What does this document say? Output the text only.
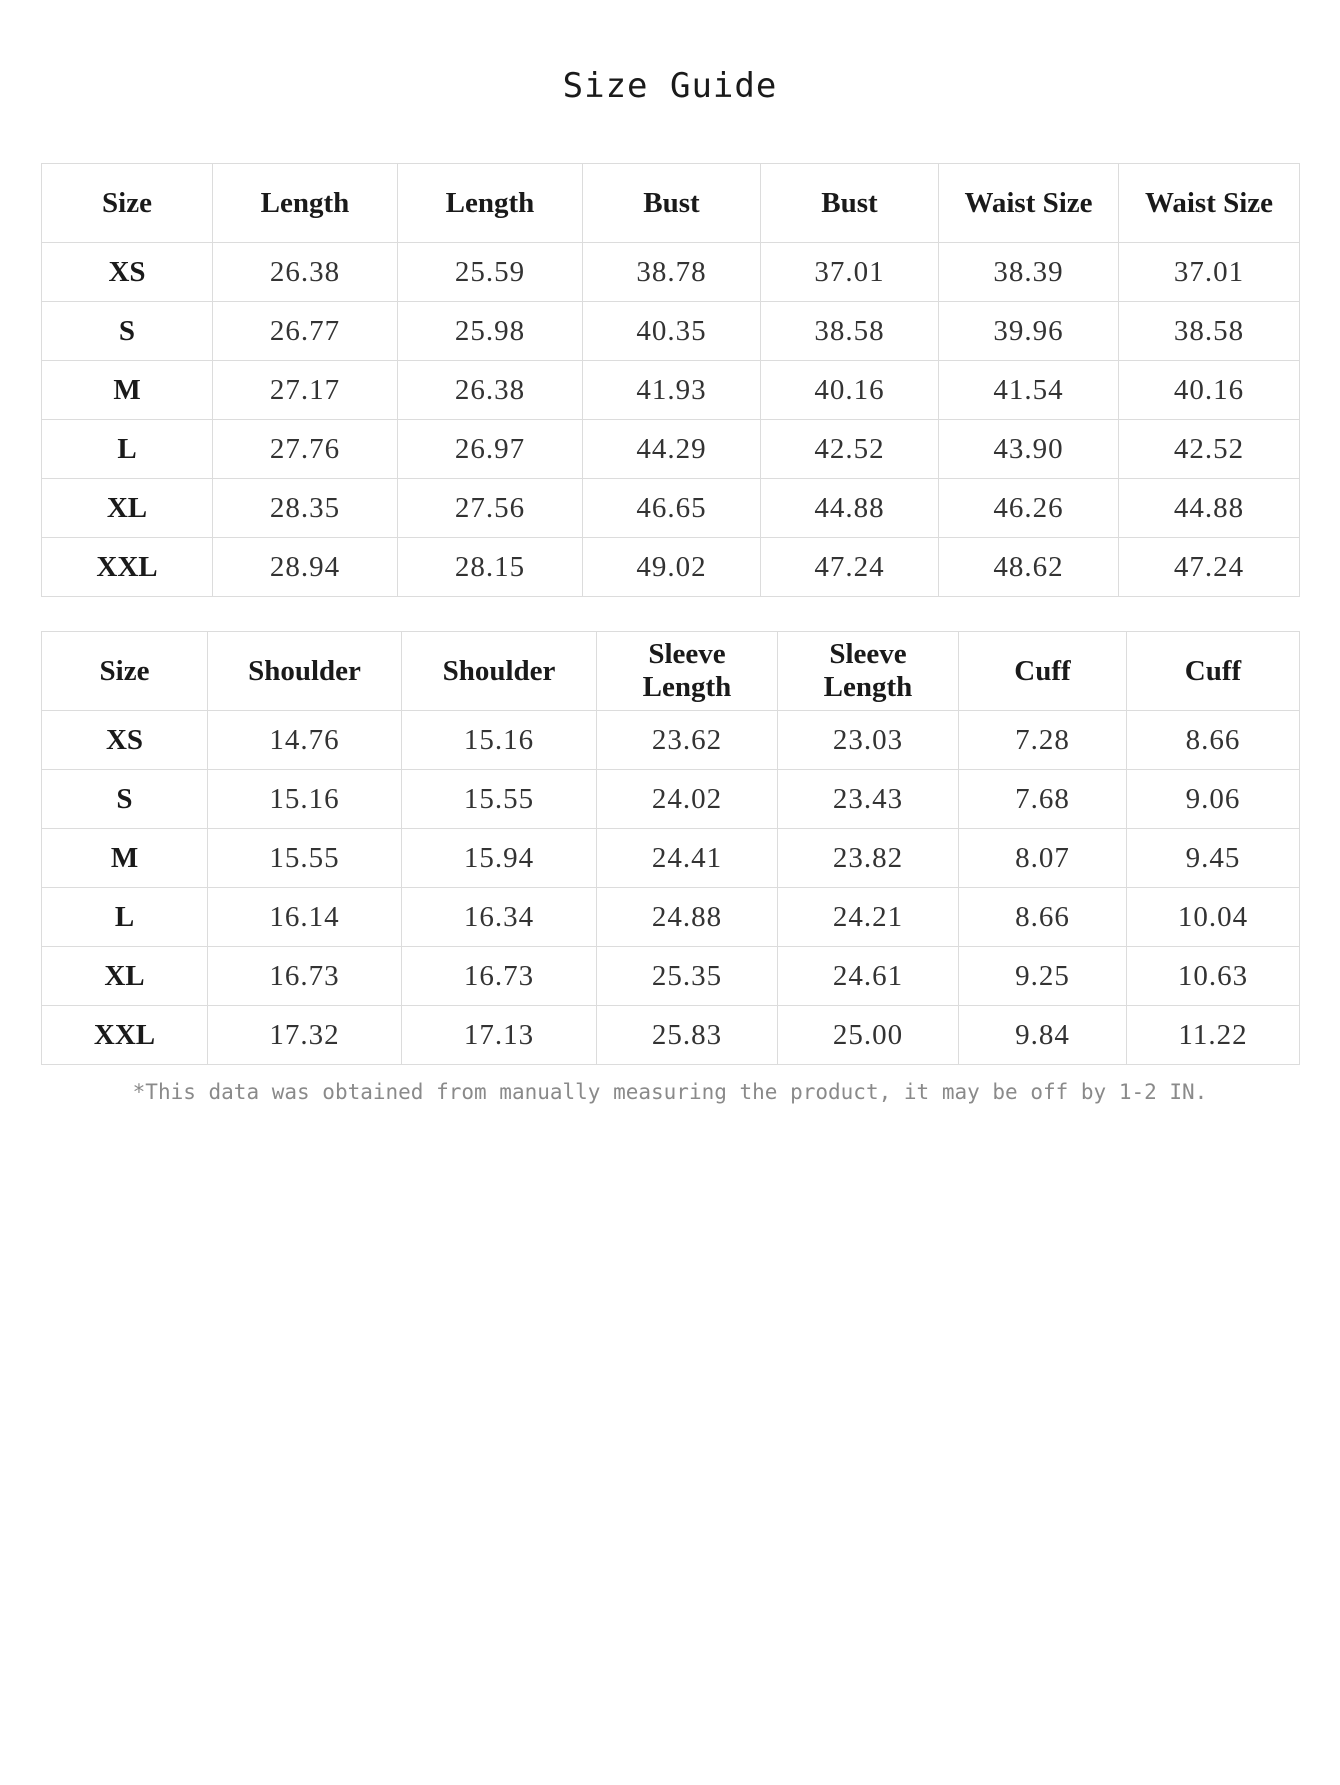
Size Guide
Size	Length	Length	Bust	Bust	Waist Size	Waist Size
XS	26.38	25.59	38.78	37.01	38.39	37.01
S	26.77	25.98	40.35	38.58	39.96	38.58
M	27.17	26.38	41.93	40.16	41.54	40.16
L	27.76	26.97	44.29	42.52	43.90	42.52
XL	28.35	27.56	46.65	44.88	46.26	44.88
XXL	28.94	28.15	49.02	47.24	48.62	47.24
Size	Shoulder	Shoulder	Sleeve Length	Sleeve Length	Cuff	Cuff
XS	14.76	15.16	23.62	23.03	7.28	8.66
S	15.16	15.55	24.02	23.43	7.68	9.06
M	15.55	15.94	24.41	23.82	8.07	9.45
L	16.14	16.34	24.88	24.21	8.66	10.04
XL	16.73	16.73	25.35	24.61	9.25	10.63
XXL	17.32	17.13	25.83	25.00	9.84	11.22
*This data was obtained from manually measuring the product, it may be off by 1-2 IN.
